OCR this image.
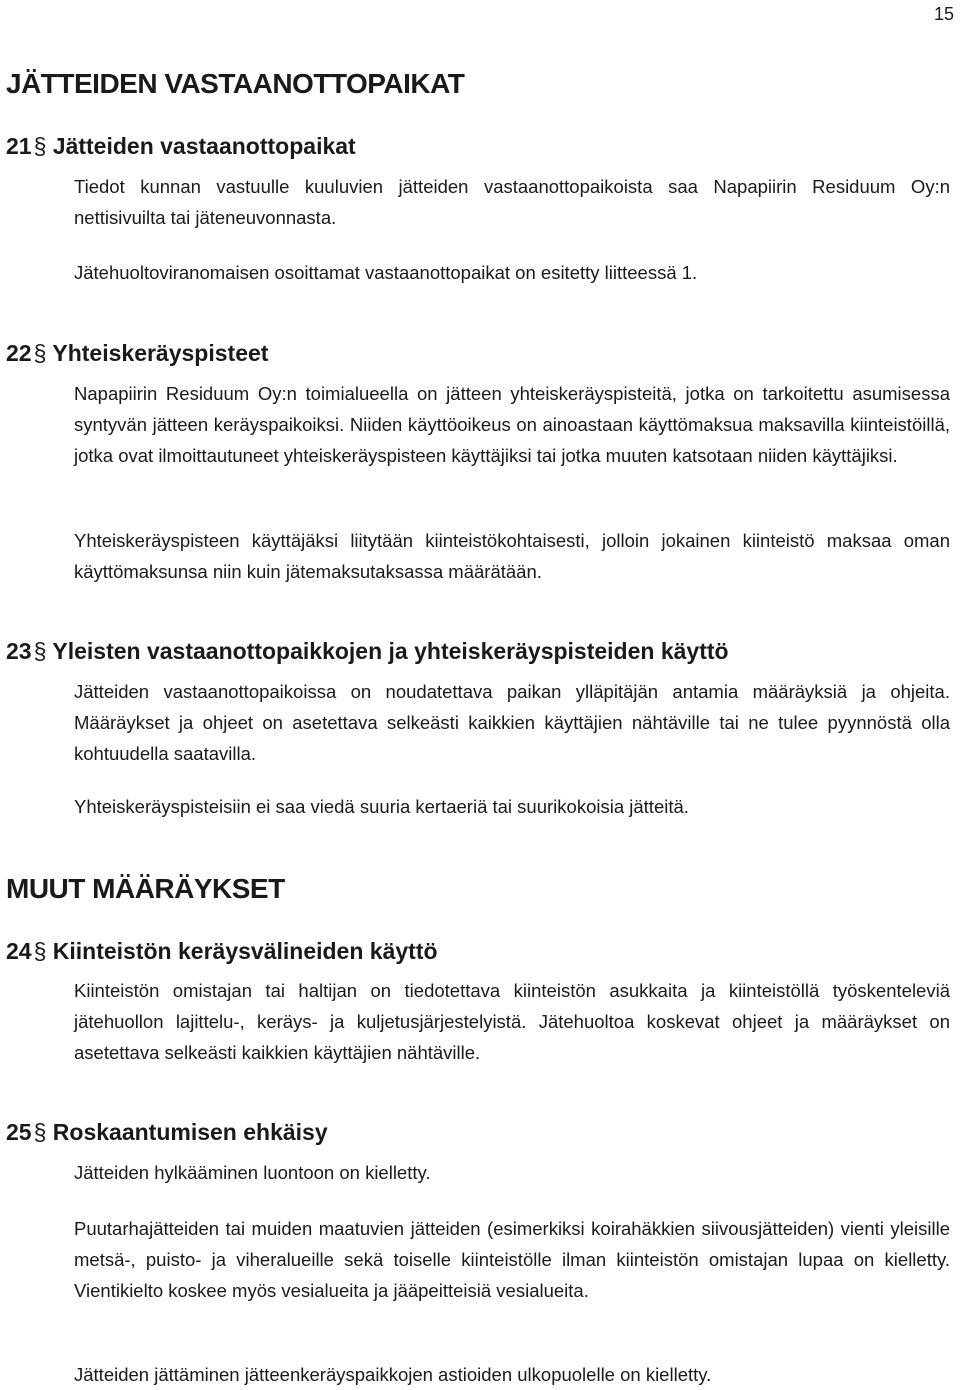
15
JÄTTEIDEN VASTAANOTTOPAIKAT
21§ Jätteiden vastaanottopaikat

Tiedot kunnan vastuulle kuuluvien jätteiden vastaanottopaikoista saa Napapiirin Residuum Oy:n nettisivuilta tai jäteneuvonnasta.

Jätehuoltoviranomaisen osoittamat vastaanottopaikat on esitetty liitteessä 1.

22§ Yhteiskeräyspisteet

Napapiirin Residuum Oy:n toimialueella on jätteen yhteiskeräyspisteitä, jotka on tarkoitettu asumisessa syntyvän jätteen keräyspaikoiksi. Niiden käyttöoikeus on ainoastaan käyttömaksua maksavilla kiinteistöillä, jotka ovat ilmoittautuneet yhteiskeräyspisteen käyttäjiksi tai jotka muuten katsotaan niiden käyttäjiksi.

Yhteiskeräyspisteen käyttäjäksi liitytään kiinteistökohtaisesti, jolloin jokainen kiinteistö maksaa oman käyttömaksunsa niin kuin jätemaksutaksassa määrätään.

23§ Yleisten vastaanottopaikkojen ja yhteiskeräyspisteiden käyttö

Jätteiden vastaanottopaikoissa on noudatettava paikan ylläpitäjän antamia määräyksiä ja ohjeita. Määräykset ja ohjeet on asetettava selkeästi kaikkien käyttäjien nähtäville tai ne tulee pyynnöstä olla kohtuudella saatavilla.

Yhteiskeräyspisteisiin ei saa viedä suuria kertaeriä tai suurikokoisia jätteitä.

MUUT MÄÄRÄYKSET
24§ Kiinteistön keräysvälineiden käyttö

Kiinteistön omistajan tai haltijan on tiedotettava kiinteistön asukkaita ja kiinteistöllä työskenteleviä jätehuollon lajittelu-, keräys- ja kuljetusjärjestelyistä. Jätehuoltoa koskevat ohjeet ja määräykset on asetettava selkeästi kaikkien käyttäjien nähtäville.

25§ Roskaantumisen ehkäisy

Jätteiden hylkääminen luontoon on kielletty.

Puutarhajätteiden tai muiden maatuvien jätteiden (esimerkiksi koirahäkkien siivousjätteiden) vienti yleisille metsä-, puisto- ja viheralueille sekä toiselle kiinteistölle ilman kiinteistön omistajan lupaa on kielletty. Vientikielto koskee myös vesialueita ja jääpeitteisiä vesialueita.

Jätteiden jättäminen jätteenkeräyspaikkojen astioiden ulkopuolelle on kielletty.
